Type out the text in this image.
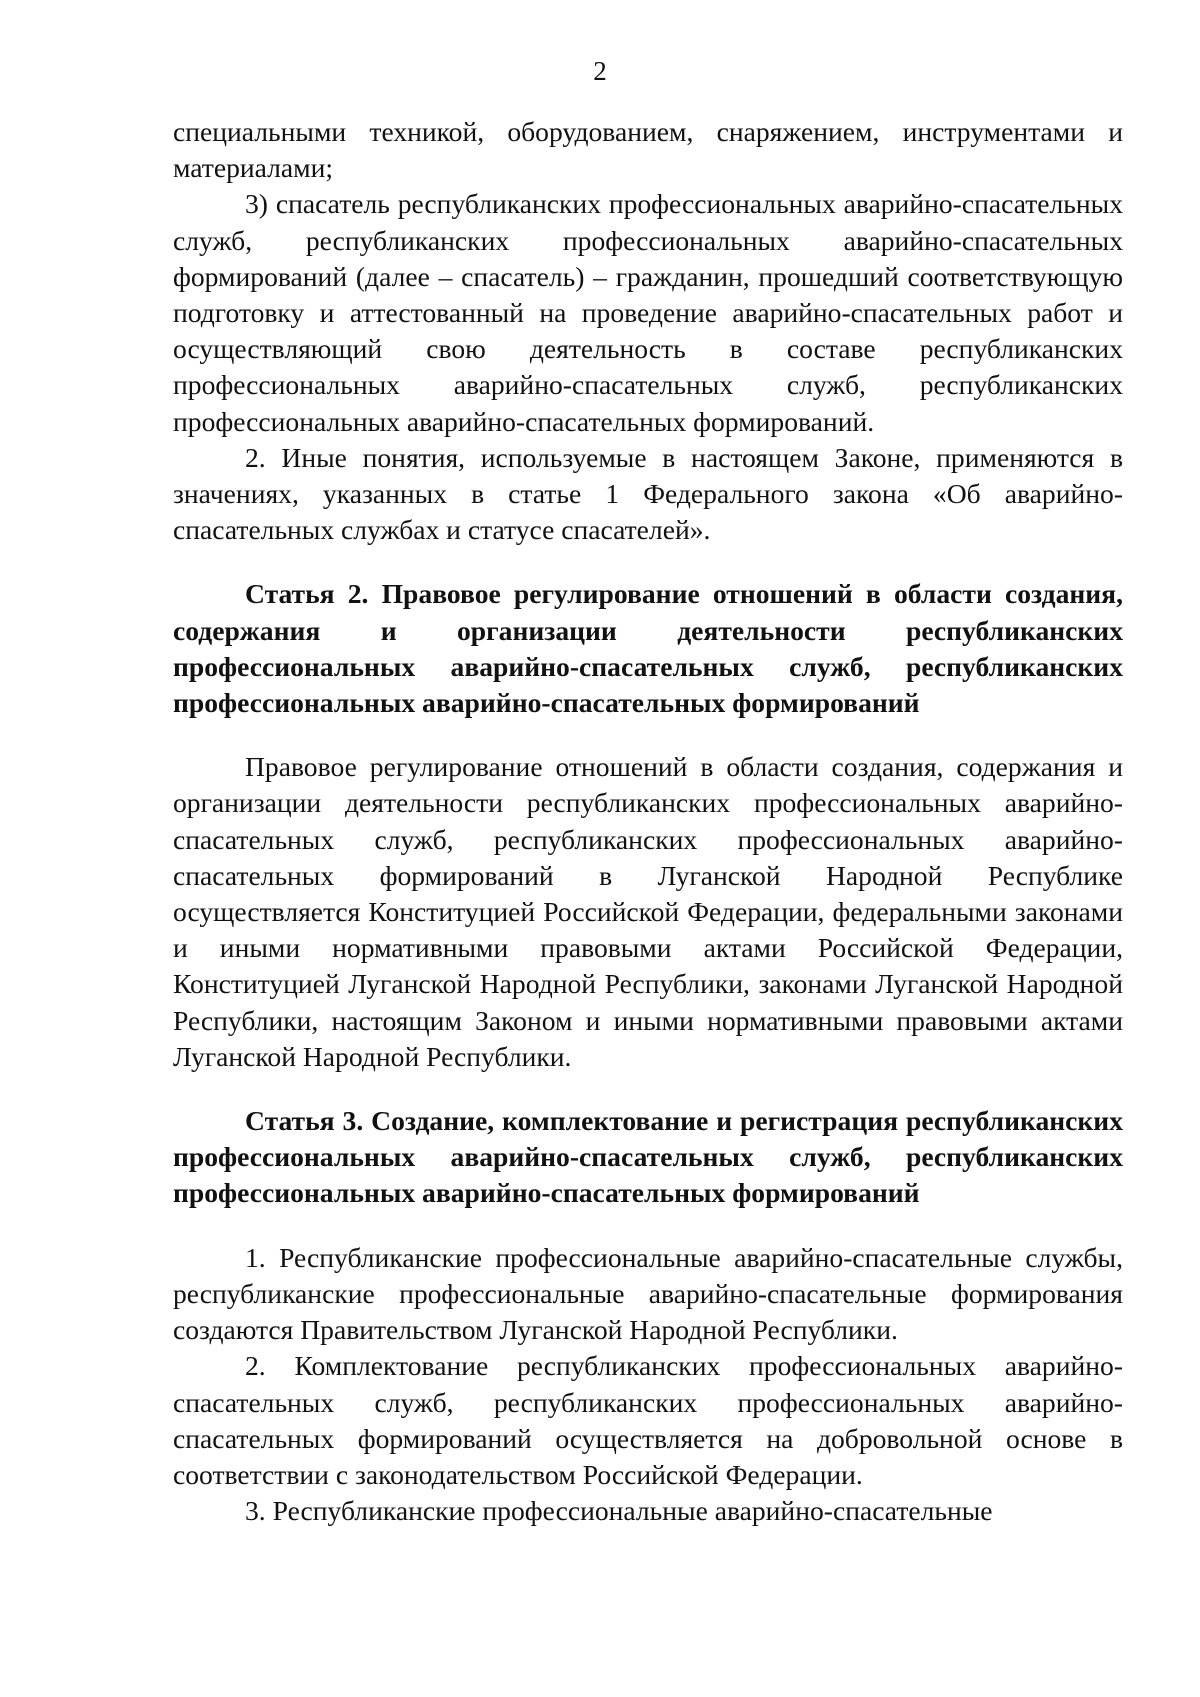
2

специальными техникой, оборудованием, снаряжением, инструментами и материалами;

3) спасатель республиканских профессиональных аварийно-спасательных служб, республиканских профессиональных аварийно-спасательных формирований (далее – спасатель) – гражданин, прошедший соответствующую подготовку и аттестованный на проведение аварийно-спасательных работ и осуществляющий свою деятельность в составе республиканских профессиональных аварийно-спасательных служб, республиканских профессиональных аварийно-спасательных формирований.

2. Иные понятия, используемые в настоящем Законе, применяются в значениях, указанных в статье 1 Федерального закона «Об аварийно-спасательных службах и статусе спасателей».

Статья 2. Правовое регулирование отношений в области создания, содержания и организации деятельности республиканских профессиональных аварийно-спасательных служб, республиканских профессиональных аварийно-спасательных формирований

Правовое регулирование отношений в области создания, содержания и организации деятельности республиканских профессиональных аварийно-спасательных служб, республиканских профессиональных аварийно-спасательных формирований в Луганской Народной Республике осуществляется Конституцией Российской Федерации, федеральными законами и иными нормативными правовыми актами Российской Федерации, Конституцией Луганской Народной Республики, законами Луганской Народной Республики, настоящим Законом и иными нормативными правовыми актами Луганской Народной Республики.

Статья 3. Создание, комплектование и регистрация республиканских профессиональных аварийно-спасательных служб, республиканских профессиональных аварийно-спасательных формирований

1. Республиканские профессиональные аварийно-спасательные службы, республиканские профессиональные аварийно-спасательные формирования создаются Правительством Луганской Народной Республики.

2. Комплектование республиканских профессиональных аварийно-спасательных служб, республиканских профессиональных аварийно-спасательных формирований осуществляется на добровольной основе в соответствии с законодательством Российской Федерации.

3. Республиканские профессиональные аварийно-спасательные
